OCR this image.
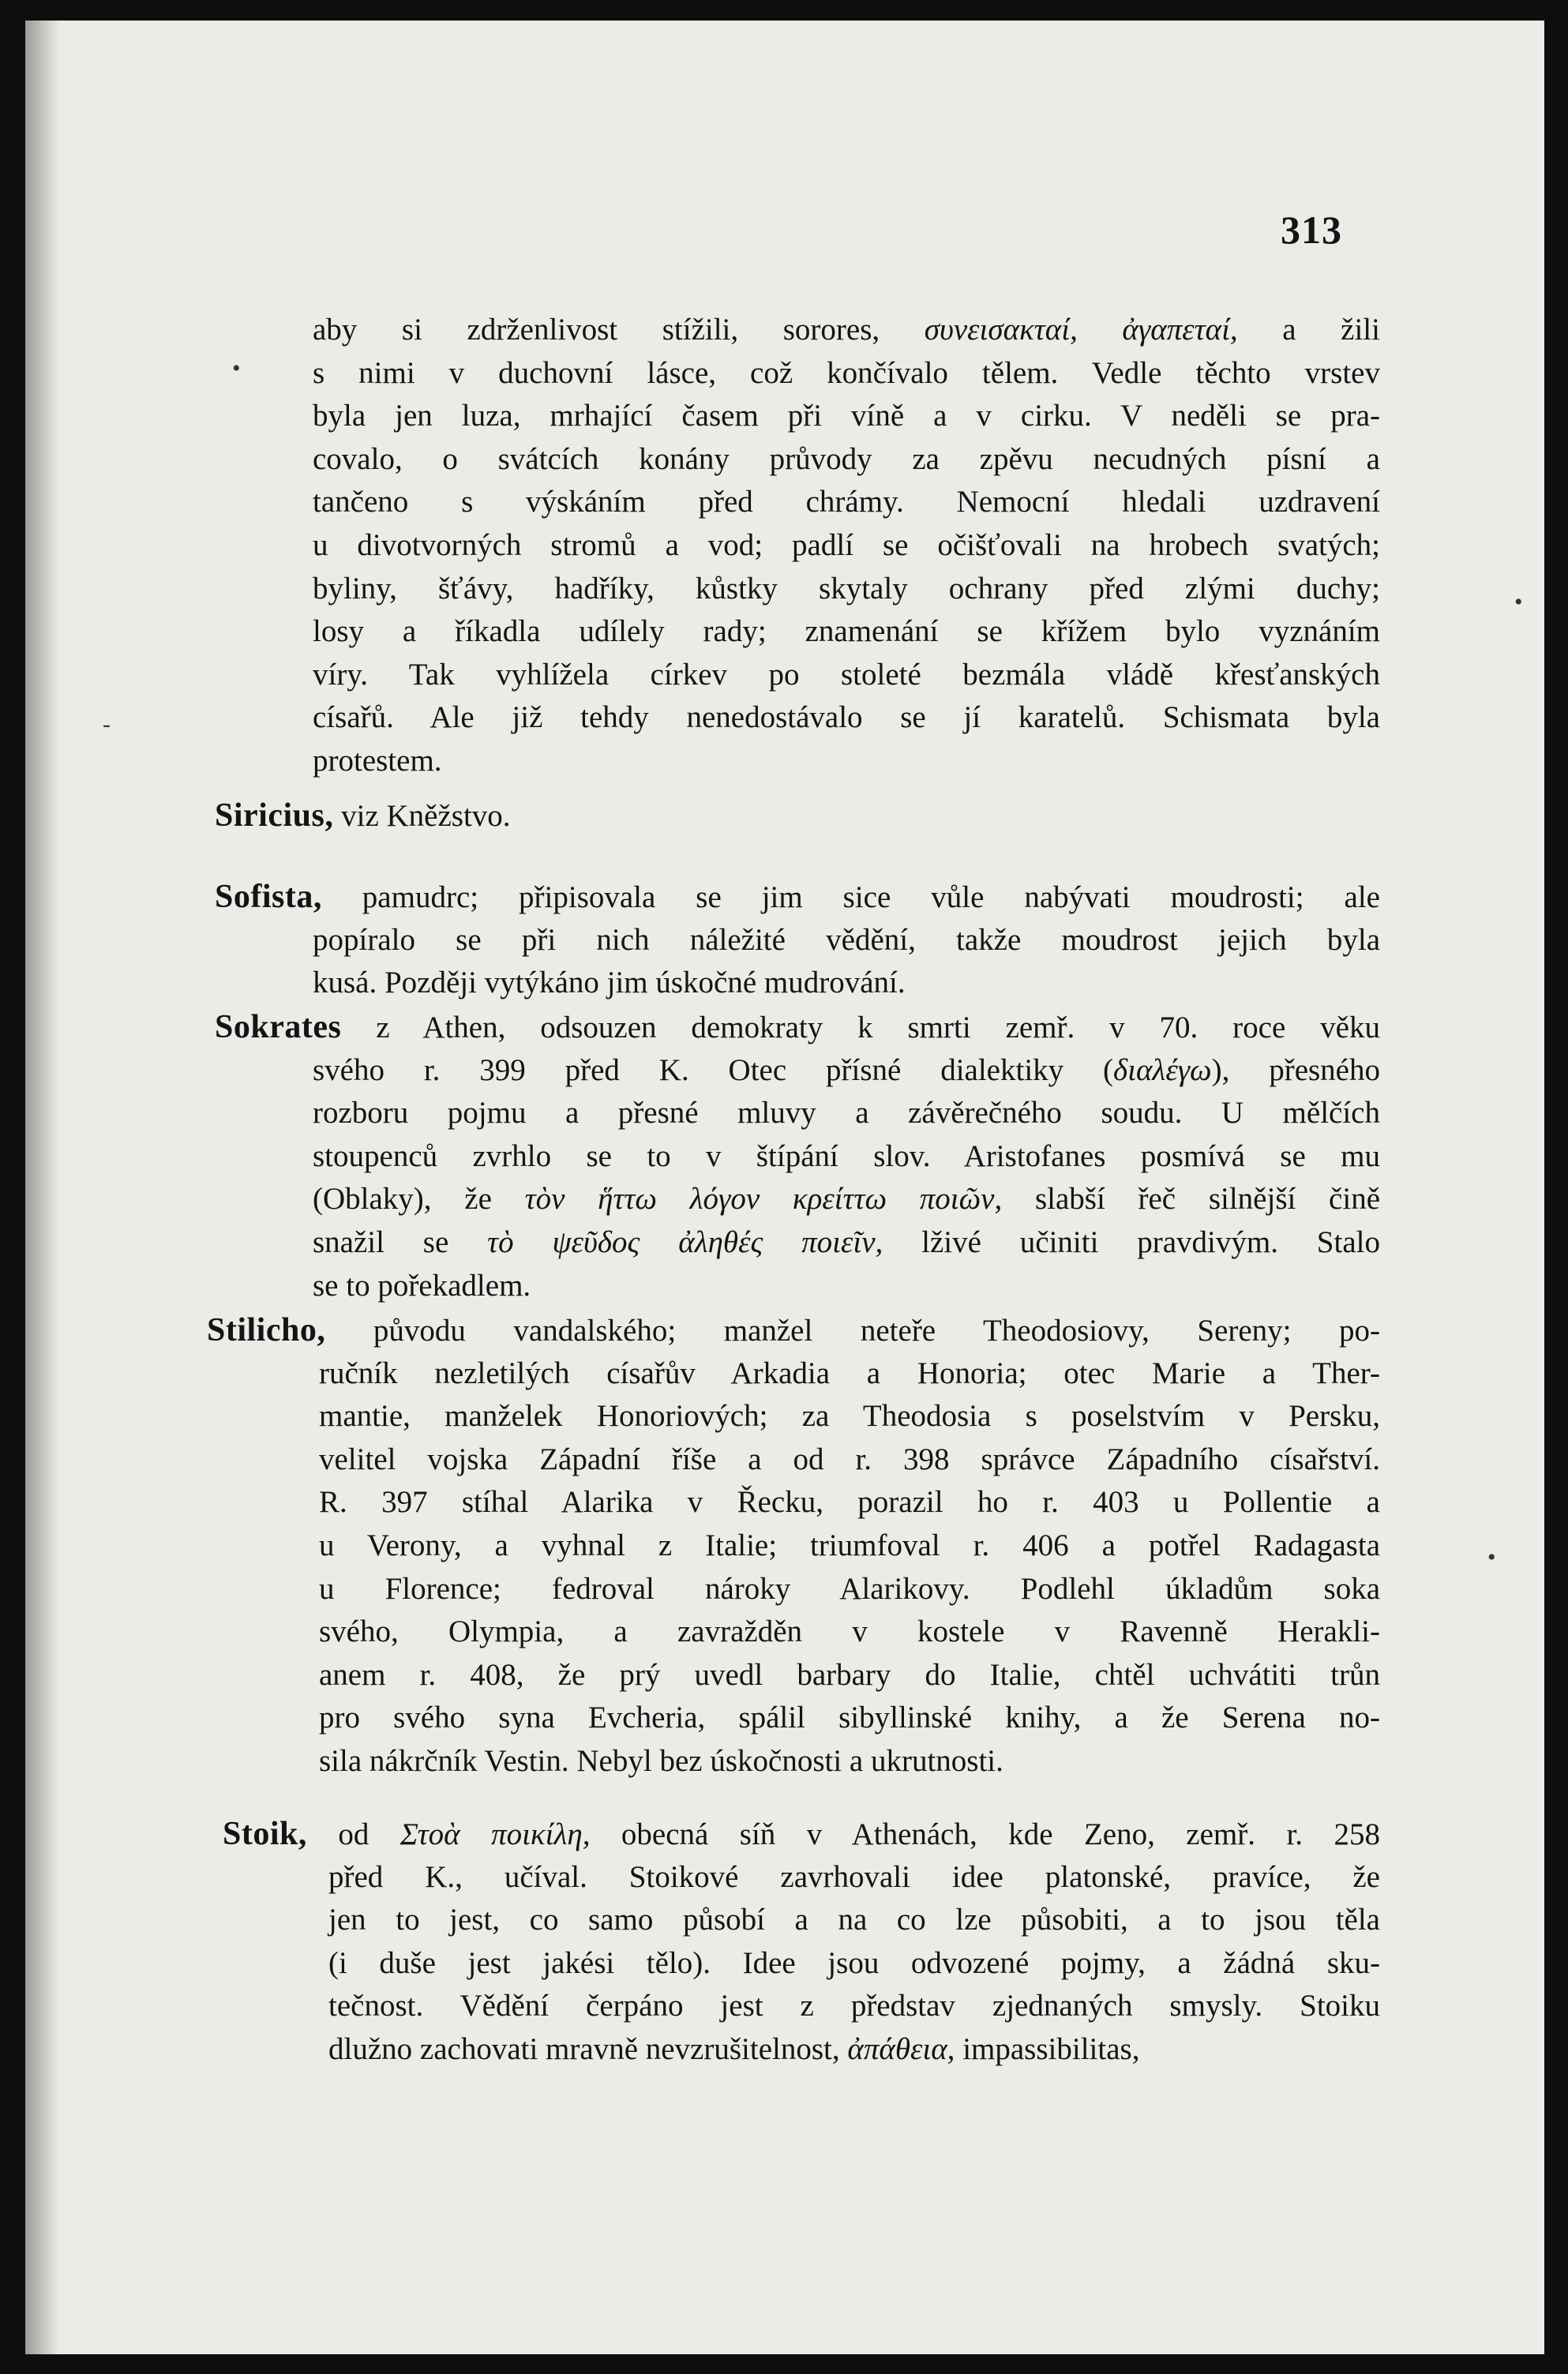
313
aby si zdrženlivost stížili, sorores, συνεισακταί, ἀγαπεταί, a žili
s nimi v duchovní lásce, což končívalo tělem. Vedle těchto vrstev
byla jen luza, mrhající časem při víně a v cirku. V neděli se pra-
covalo, o svátcích konány průvody za zpěvu necudných písní a
tančeno s výskáním před chrámy. Nemocní hledali uzdravení
u divotvorných stromů a vod; padlí se očišťovali na hrobech svatých;
byliny, šťávy, hadříky, kůstky skytaly ochrany před zlými duchy;
losy a říkadla udílely rady; znamenání se křížem bylo vyznáním
víry. Tak vyhlížela církev po stoleté bezmála vládě křesťanských
císařů. Ale již tehdy nenedostávalo se jí karatelů. Schismata byla
protestem.
Siricius, viz Kněžstvo.
Sofista, pamudrc; připisovala se jim sice vůle nabývati moudrosti; ale
popíralo se při nich náležité vědění, takže moudrost jejich byla
kusá. Později vytýkáno jim úskočné mudrování.
Sokrates z Athen, odsouzen demokraty k smrti zemř. v 70. roce věku
svého r. 399 před K. Otec přísné dialektiky (διαλέγω), přesného
rozboru pojmu a přesné mluvy a závěrečného soudu. U mělčích
stoupenců zvrhlo se to v štípání slov. Aristofanes posmívá se mu
(Oblaky), že τὸν ἥττω λόγον κρείττω ποιῶν, slabší řeč silnější čině
snažil se τὸ ψεῦδος ἀληθές ποιεῖν, lživé učiniti pravdivým. Stalo
se to pořekadlem.
Stilicho, původu vandalského; manžel neteře Theodosiovy, Sereny; po-
ručník nezletilých císařův Arkadia a Honoria; otec Marie a Ther-
mantie, manželek Honoriových; za Theodosia s poselstvím v Persku,
velitel vojska Západní říše a od r. 398 správce Západního císařství.
R. 397 stíhal Alarika v Řecku, porazil ho r. 403 u Pollentie a
u Verony, a vyhnal z Italie; triumfoval r. 406 a potřel Radagasta
u Florence; fedroval nároky Alarikovy. Podlehl úkladům soka
svého, Olympia, a zavražděn v kostele v Ravenně Herakli-
anem r. 408, že prý uvedl barbary do Italie, chtěl uchvátiti trůn
pro svého syna Evcheria, spálil sibyllinské knihy, a že Serena no-
sila nákrčník Vestin. Nebyl bez úskočnosti a ukrutnosti.
Stoik, od Στοὰ ποικίλη, obecná síň v Athenách, kde Zeno, zemř. r. 258
před K., učíval. Stoikové zavrhovali idee platonské, pravíce, že
jen to jest, co samo působí a na co lze působiti, a to jsou těla
(i duše jest jakési tělo). Idee jsou odvozené pojmy, a žádná sku-
tečnost. Vědění čerpáno jest z představ zjednaných smysly. Stoiku
dlužno zachovati mravně nevzrušitelnost, ἀπάθεια, impassibilitas,
•
-
•
•
